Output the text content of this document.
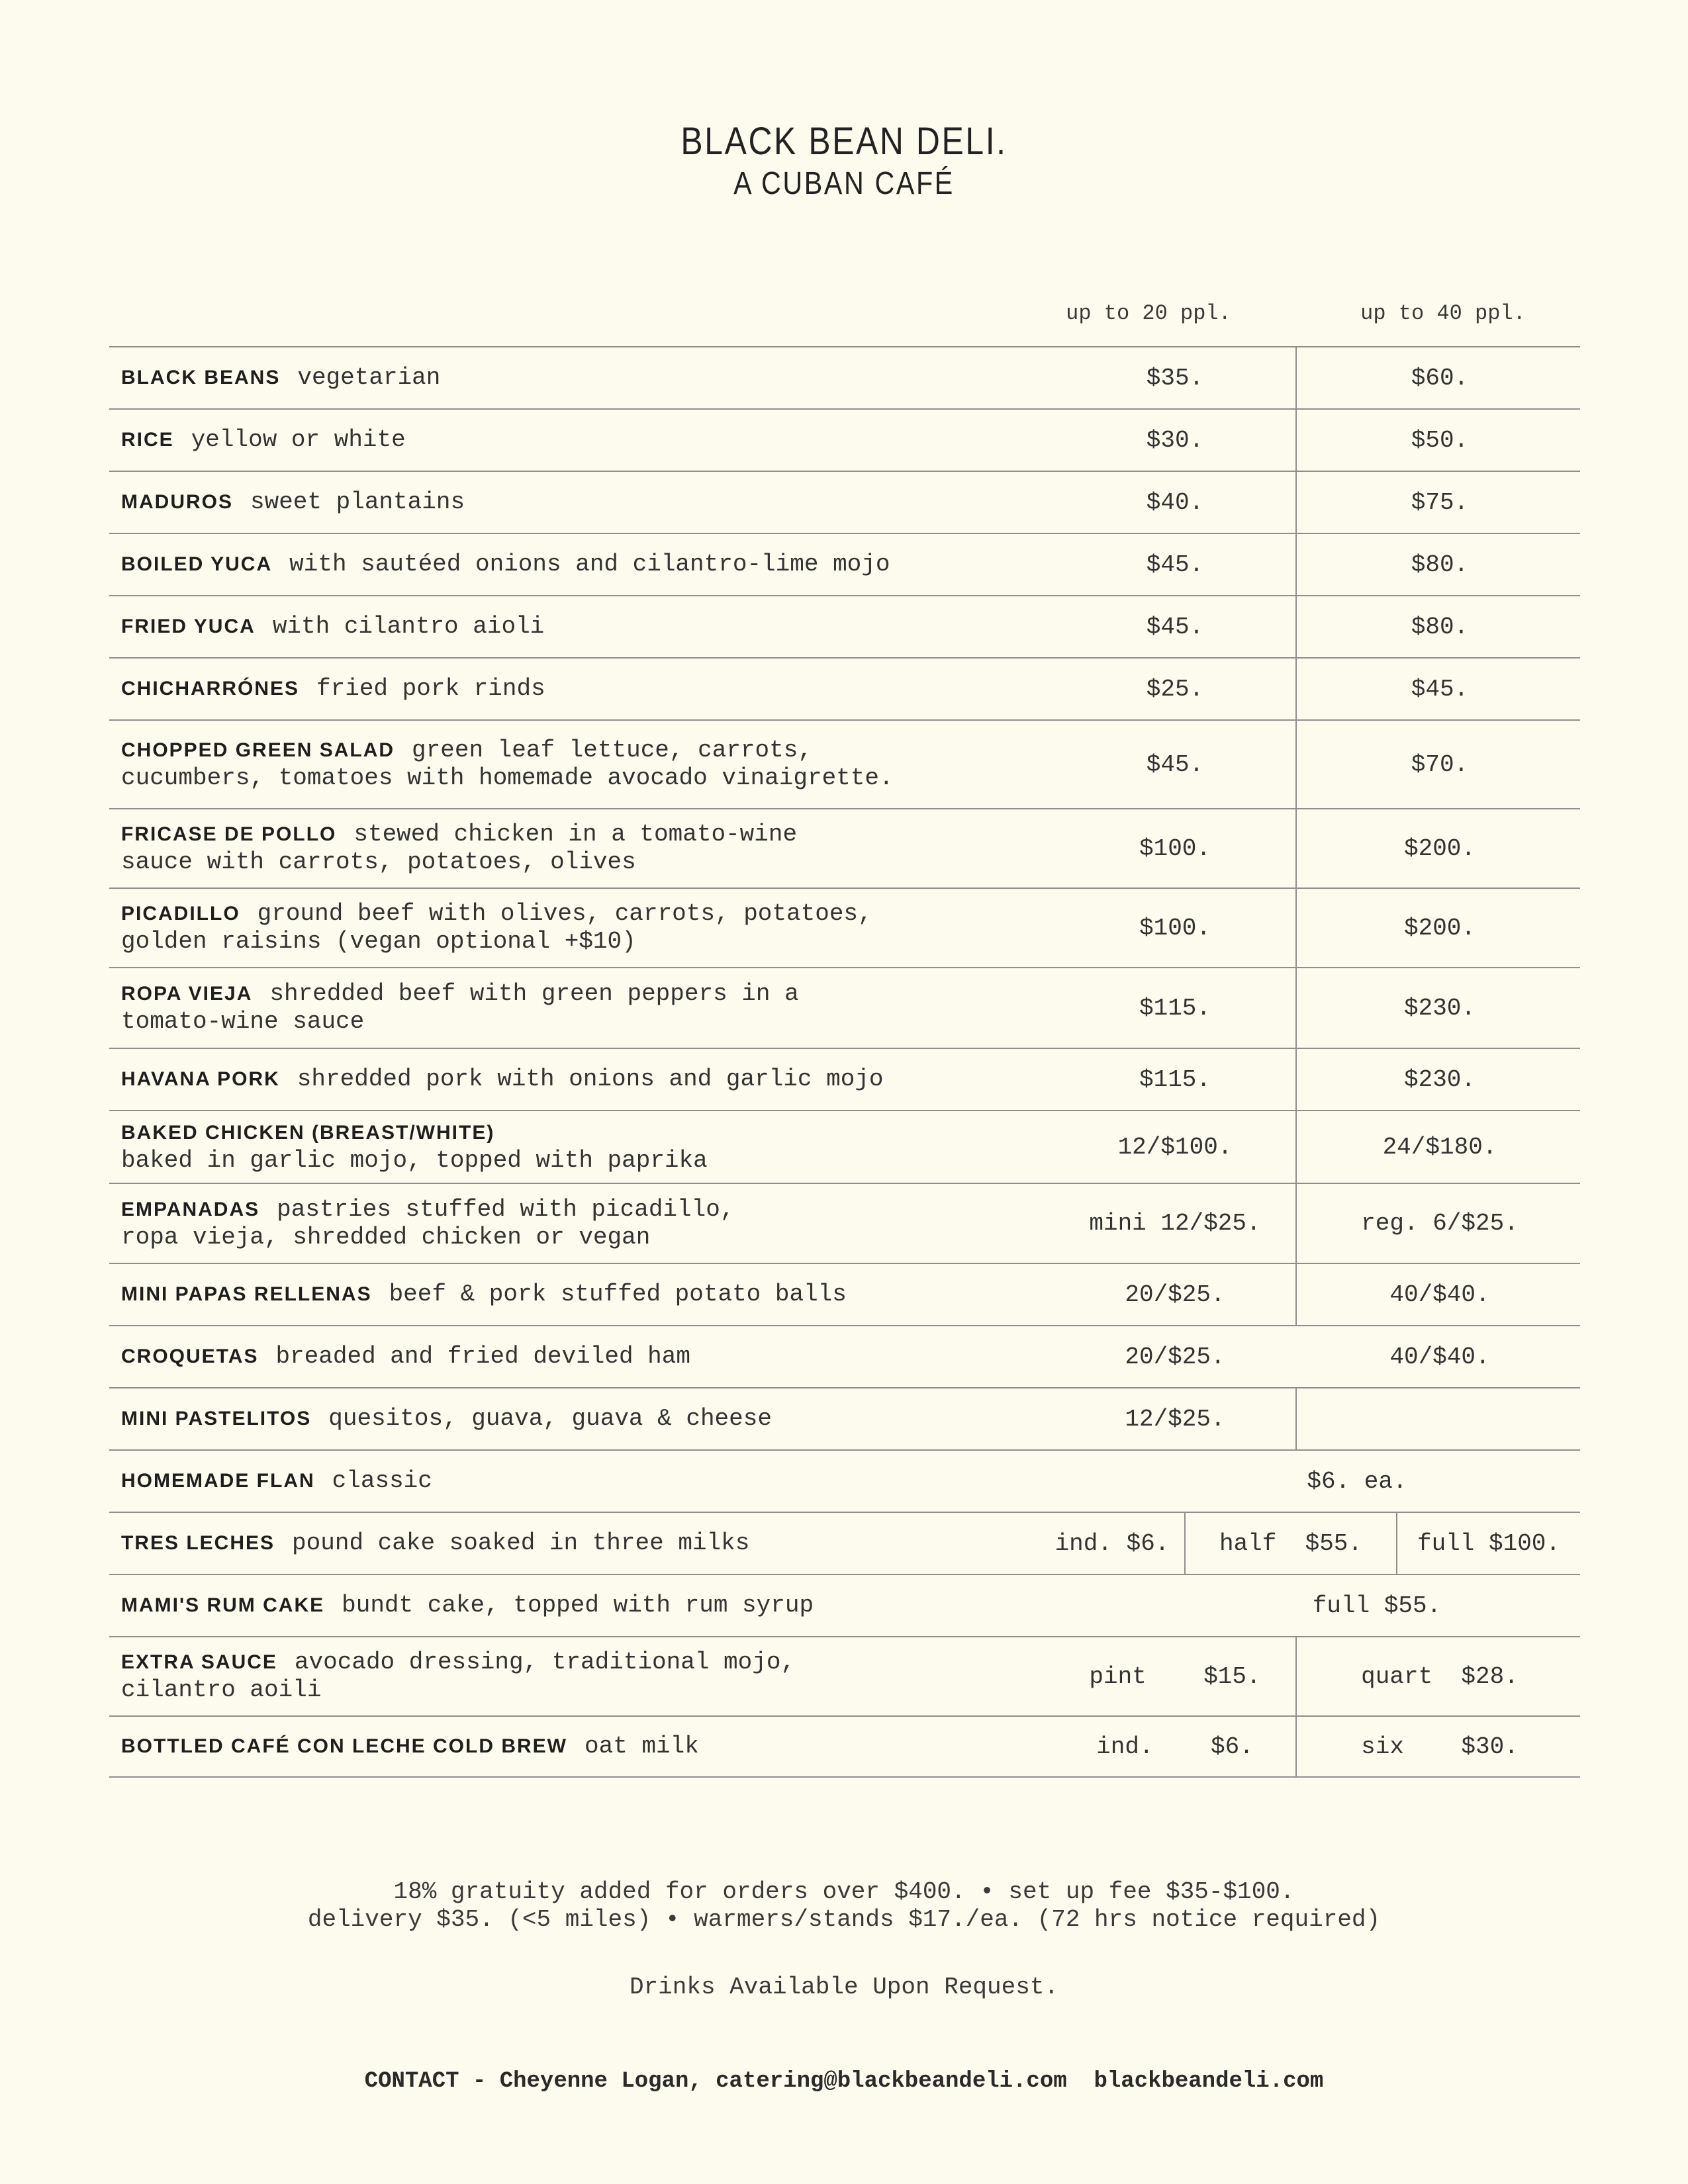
BLACK BEAN DELI.
A CUBAN CAFÉ
up to 20 ppl.	up to 40 ppl.
BLACK BEANS vegetarian	$35.	$60.
RICE yellow or white	$30.	$50.
MADUROS sweet plantains	$40.	$75.
BOILED YUCA with sautéed onions and cilantro-lime mojo	$45.	$80.
FRIED YUCA with cilantro aioli	$45.	$80.
CHICHARRÓNES fried pork rinds	$25.	$45.
CHOPPED GREEN SALAD green leaf lettuce, carrots,
cucumbers, tomatoes with homemade avocado vinaigrette.	$45.	$70.
FRICASE DE POLLO stewed chicken in a tomato-wine
sauce with carrots, potatoes, olives	$100.	$200.
PICADILLO ground beef with olives, carrots, potatoes,
golden raisins (vegan optional +$10)	$100.	$200.
ROPA VIEJA shredded beef with green peppers in a
tomato-wine sauce	$115.	$230.
HAVANA PORK shredded pork with onions and garlic mojo	$115.	$230.
BAKED CHICKEN (BREAST/WHITE)
baked in garlic mojo, topped with paprika	12/$100.	24/$180.
EMPANADAS pastries stuffed with picadillo,
ropa vieja, shredded chicken or vegan	mini 12/$25.	reg. 6/$25.
MINI PAPAS RELLENAS beef & pork stuffed potato balls	20/$25.	40/$40.
CROQUETAS breaded and fried deviled ham	20/$25.	40/$40.
MINI PASTELITOS quesitos, guava, guava & cheese	12/$25.
HOMEMADE FLAN classic	$6. ea.
TRES LECHES pound cake soaked in three milks	ind. $6.	half  $55.	full $100.
MAMI'S RUM CAKE bundt cake, topped with rum syrup	full $55.
EXTRA SAUCE avocado dressing, traditional mojo,
cilantro aoili	pint    $15.	quart  $28.
BOTTLED CAFÉ CON LECHE COLD BREW oat milk	ind.    $6.	six    $30.
18% gratuity added for orders over $400. • set up fee $35-$100.
delivery $35. (<5 miles) • warmers/stands $17./ea. (72 hrs notice required)
Drinks Available Upon Request.
CONTACT - Cheyenne Logan, catering@blackbeandeli.com  blackbeandeli.com
